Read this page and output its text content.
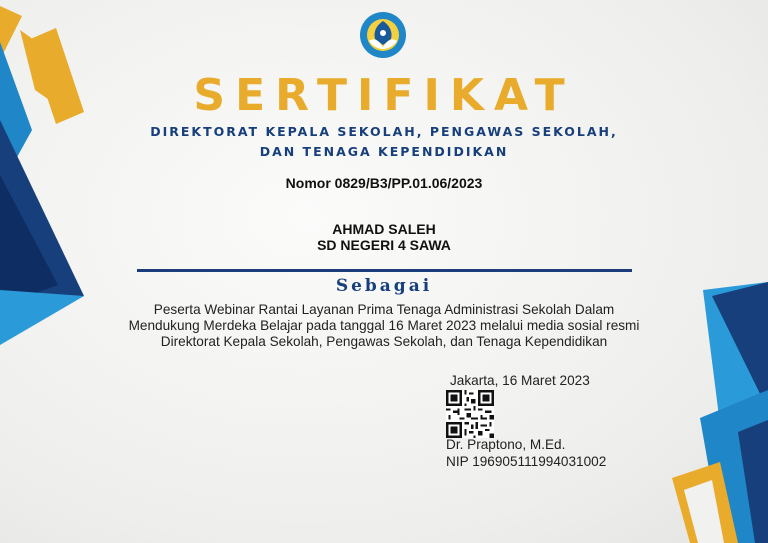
SERTIFIKAT
DIREKTORAT KEPALA SEKOLAH, PENGAWAS SEKOLAH,
DAN TENAGA KEPENDIDIKAN
Nomor 0829/B3/PP.01.06/2023
AHMAD SALEH
SD NEGERI 4 SAWA
Sebagai
Peserta Webinar Rantai Layanan Prima Tenaga Administrasi Sekolah Dalam
Mendukung Merdeka Belajar pada tanggal 16 Maret 2023 melalui media sosial resmi
Direktorat Kepala Sekolah, Pengawas Sekolah, dan Tenaga Kependidikan
Jakarta, 16 Maret 2023
Dr. Praptono, M.Ed.
NIP 196905111994031002
